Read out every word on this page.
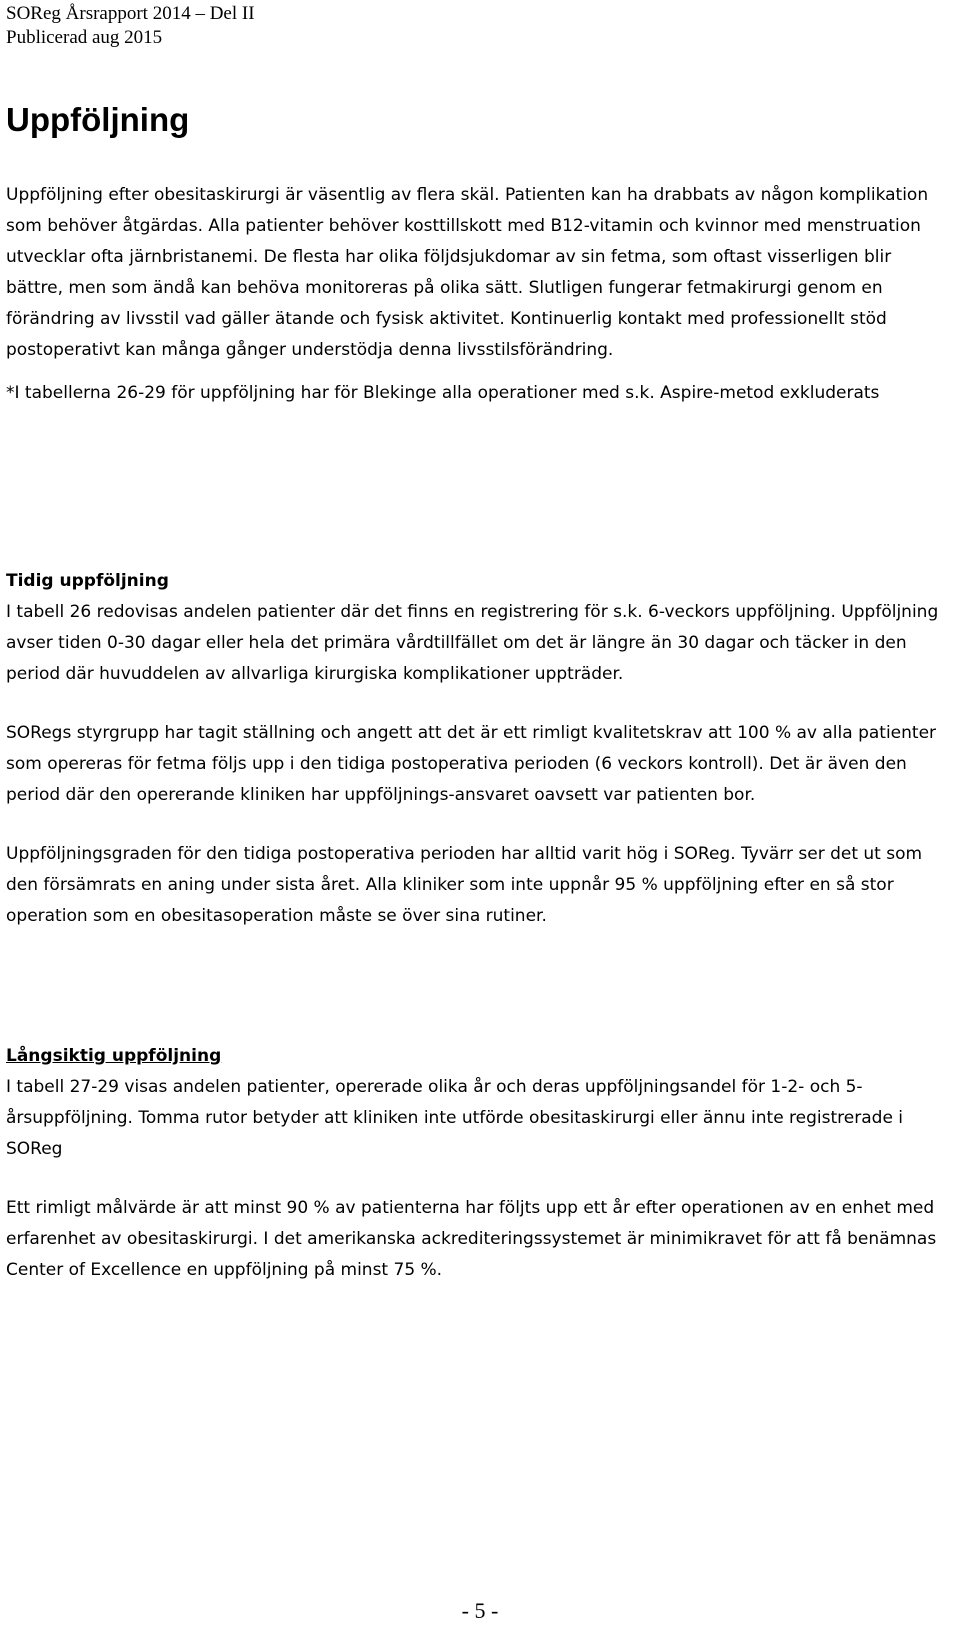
SOReg Årsrapport 2014 – Del II
Publicerad aug 2015
Uppföljning

Uppföljning efter obesitaskirurgi är väsentlig av flera skäl. Patienten kan ha drabbats av någon komplikation som behöver åtgärdas. Alla patienter behöver kosttillskott med B12-vitamin och kvinnor med menstruation utvecklar ofta järnbristanemi. De flesta har olika följdsjukdomar av sin fetma, som oftast visserligen blir bättre, men som ändå kan behöva monitoreras på olika sätt. Slutligen fungerar fetmakirurgi genom en förändring av livsstil vad gäller ätande och fysisk aktivitet. Kontinuerlig kontakt med professionellt stöd postoperativt kan många gånger understödja denna livsstilsförändring.

*I tabellerna 26-29 för uppföljning har för Blekinge alla operationer med s.k. Aspire-metod exkluderats

Tidig uppföljning

I tabell 26 redovisas andelen patienter där det finns en registrering för s.k. 6-veckors uppföljning. Uppföljning avser tiden 0-30 dagar eller hela det primära vårdtillfället om det är längre än 30 dagar och täcker in den period där huvuddelen av allvarliga kirurgiska komplikationer uppträder.

SORegs styrgrupp har tagit ställning och angett att det är ett rimligt kvalitetskrav att 100 % av alla patienter som opereras för fetma följs upp i den tidiga postoperativa perioden (6 veckors kontroll). Det är även den period där den opererande kliniken har uppföljnings-ansvaret oavsett var patienten bor.

Uppföljningsgraden för den tidiga postoperativa perioden har alltid varit hög i SOReg. Tyvärr ser det ut som den försämrats en aning under sista året. Alla kliniker som inte uppnår 95 % uppföljning efter en så stor operation som en obesitasoperation måste se över sina rutiner.

Långsiktig uppföljning

I tabell 27-29 visas andelen patienter, opererade olika år och deras uppföljningsandel för 1-2- och 5-årsuppföljning. Tomma rutor betyder att kliniken inte utförde obesitaskirurgi eller ännu inte registrerade i SOReg

Ett rimligt målvärde är att minst 90 % av patienterna har följts upp ett år efter operationen av en enhet med erfarenhet av obesitaskirurgi. I det amerikanska ackrediteringssystemet är minimikravet för att få benämnas Center of Excellence en uppföljning på minst 75 %.

- 5 -
